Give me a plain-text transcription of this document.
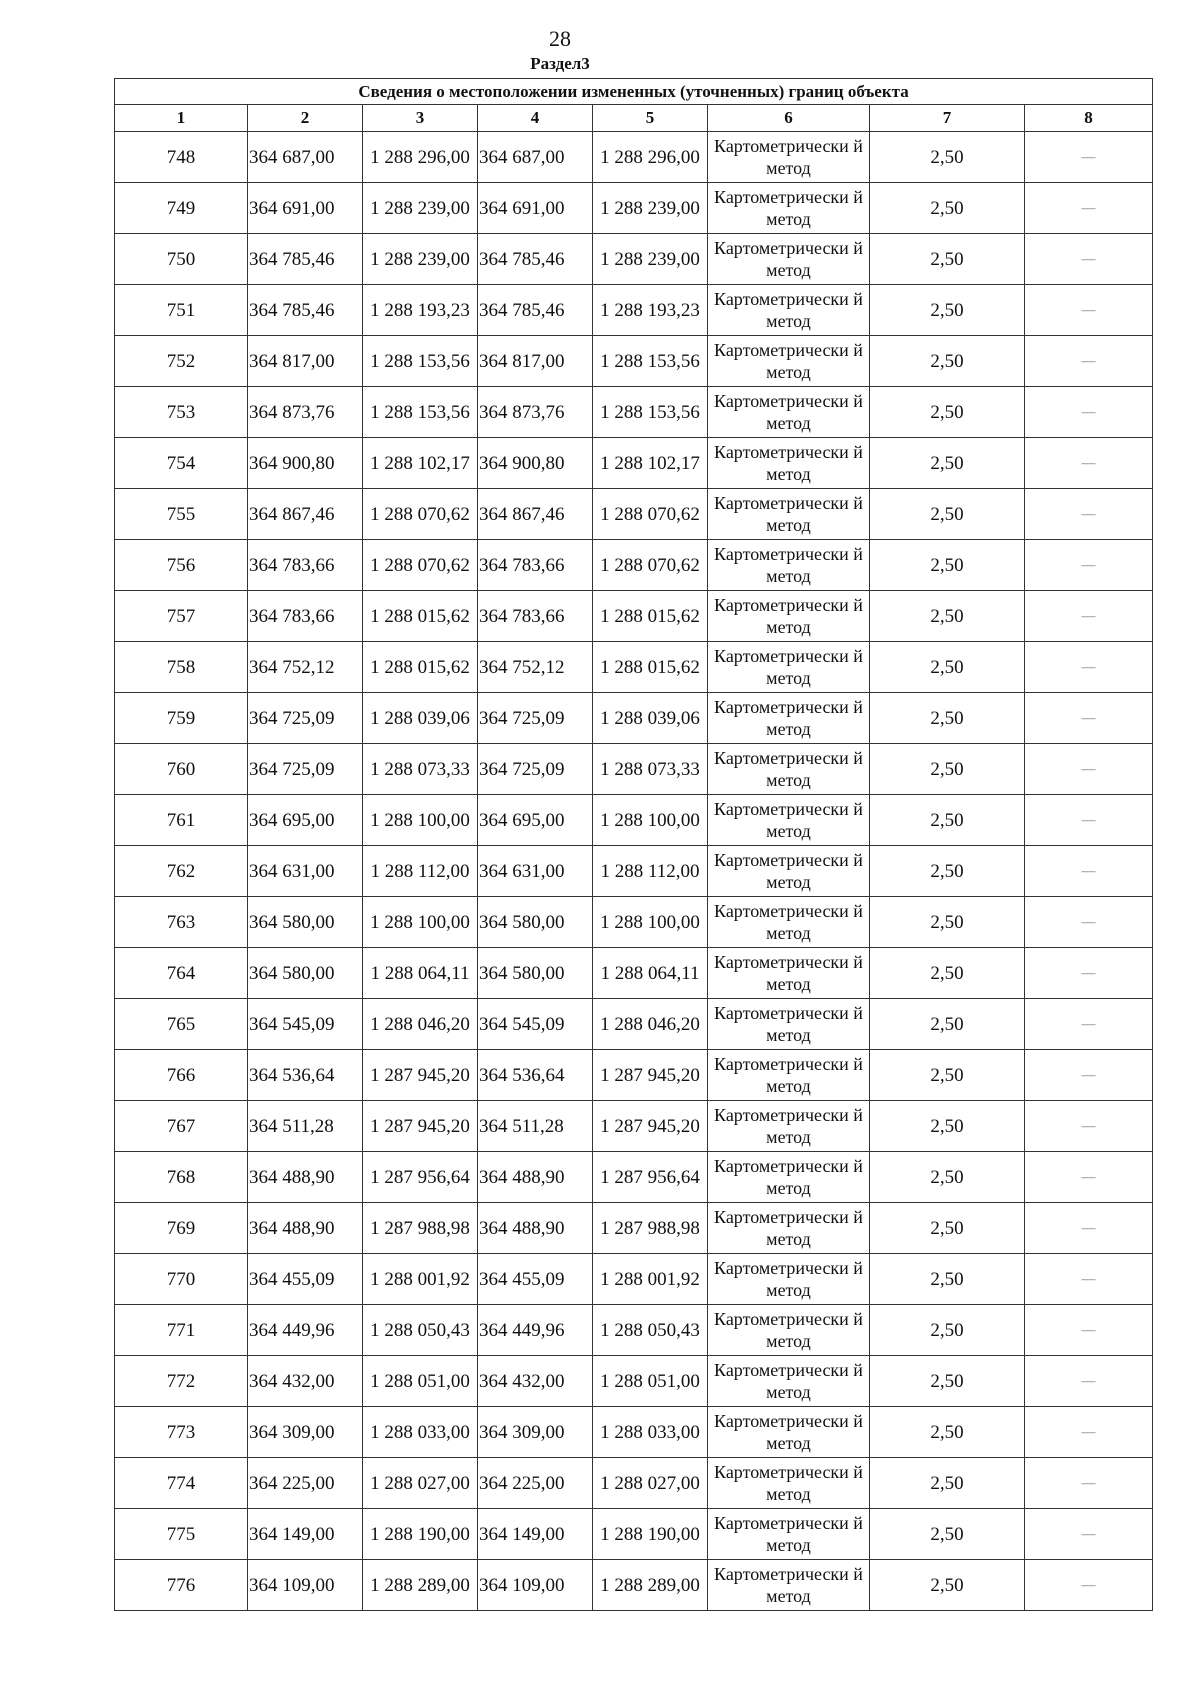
28
Раздел3
Сведения о местоположении измененных (уточненных) границ объекта							
1	2	3	4	5	6	7	8
748	364 687,00	1 288 296,00	364 687,00	1 288 296,00	Картометрически й метод	2,50	—
749	364 691,00	1 288 239,00	364 691,00	1 288 239,00	Картометрически й метод	2,50	—
750	364 785,46	1 288 239,00	364 785,46	1 288 239,00	Картометрически й метод	2,50	—
751	364 785,46	1 288 193,23	364 785,46	1 288 193,23	Картометрически й метод	2,50	—
752	364 817,00	1 288 153,56	364 817,00	1 288 153,56	Картометрически й метод	2,50	—
753	364 873,76	1 288 153,56	364 873,76	1 288 153,56	Картометрически й метод	2,50	—
754	364 900,80	1 288 102,17	364 900,80	1 288 102,17	Картометрически й метод	2,50	—
755	364 867,46	1 288 070,62	364 867,46	1 288 070,62	Картометрически й метод	2,50	—
756	364 783,66	1 288 070,62	364 783,66	1 288 070,62	Картометрически й метод	2,50	—
757	364 783,66	1 288 015,62	364 783,66	1 288 015,62	Картометрически й метод	2,50	—
758	364 752,12	1 288 015,62	364 752,12	1 288 015,62	Картометрически й метод	2,50	—
759	364 725,09	1 288 039,06	364 725,09	1 288 039,06	Картометрически й метод	2,50	—
760	364 725,09	1 288 073,33	364 725,09	1 288 073,33	Картометрически й метод	2,50	—
761	364 695,00	1 288 100,00	364 695,00	1 288 100,00	Картометрически й метод	2,50	—
762	364 631,00	1 288 112,00	364 631,00	1 288 112,00	Картометрически й метод	2,50	—
763	364 580,00	1 288 100,00	364 580,00	1 288 100,00	Картометрически й метод	2,50	—
764	364 580,00	1 288 064,11	364 580,00	1 288 064,11	Картометрически й метод	2,50	—
765	364 545,09	1 288 046,20	364 545,09	1 288 046,20	Картометрически й метод	2,50	—
766	364 536,64	1 287 945,20	364 536,64	1 287 945,20	Картометрически й метод	2,50	—
767	364 511,28	1 287 945,20	364 511,28	1 287 945,20	Картометрически й метод	2,50	—
768	364 488,90	1 287 956,64	364 488,90	1 287 956,64	Картометрически й метод	2,50	—
769	364 488,90	1 287 988,98	364 488,90	1 287 988,98	Картометрически й метод	2,50	—
770	364 455,09	1 288 001,92	364 455,09	1 288 001,92	Картометрически й метод	2,50	—
771	364 449,96	1 288 050,43	364 449,96	1 288 050,43	Картометрически й метод	2,50	—
772	364 432,00	1 288 051,00	364 432,00	1 288 051,00	Картометрически й метод	2,50	—
773	364 309,00	1 288 033,00	364 309,00	1 288 033,00	Картометрически й метод	2,50	—
774	364 225,00	1 288 027,00	364 225,00	1 288 027,00	Картометрически й метод	2,50	—
775	364 149,00	1 288 190,00	364 149,00	1 288 190,00	Картометрически й метод	2,50	—
776	364 109,00	1 288 289,00	364 109,00	1 288 289,00	Картометрически й метод	2,50	—
